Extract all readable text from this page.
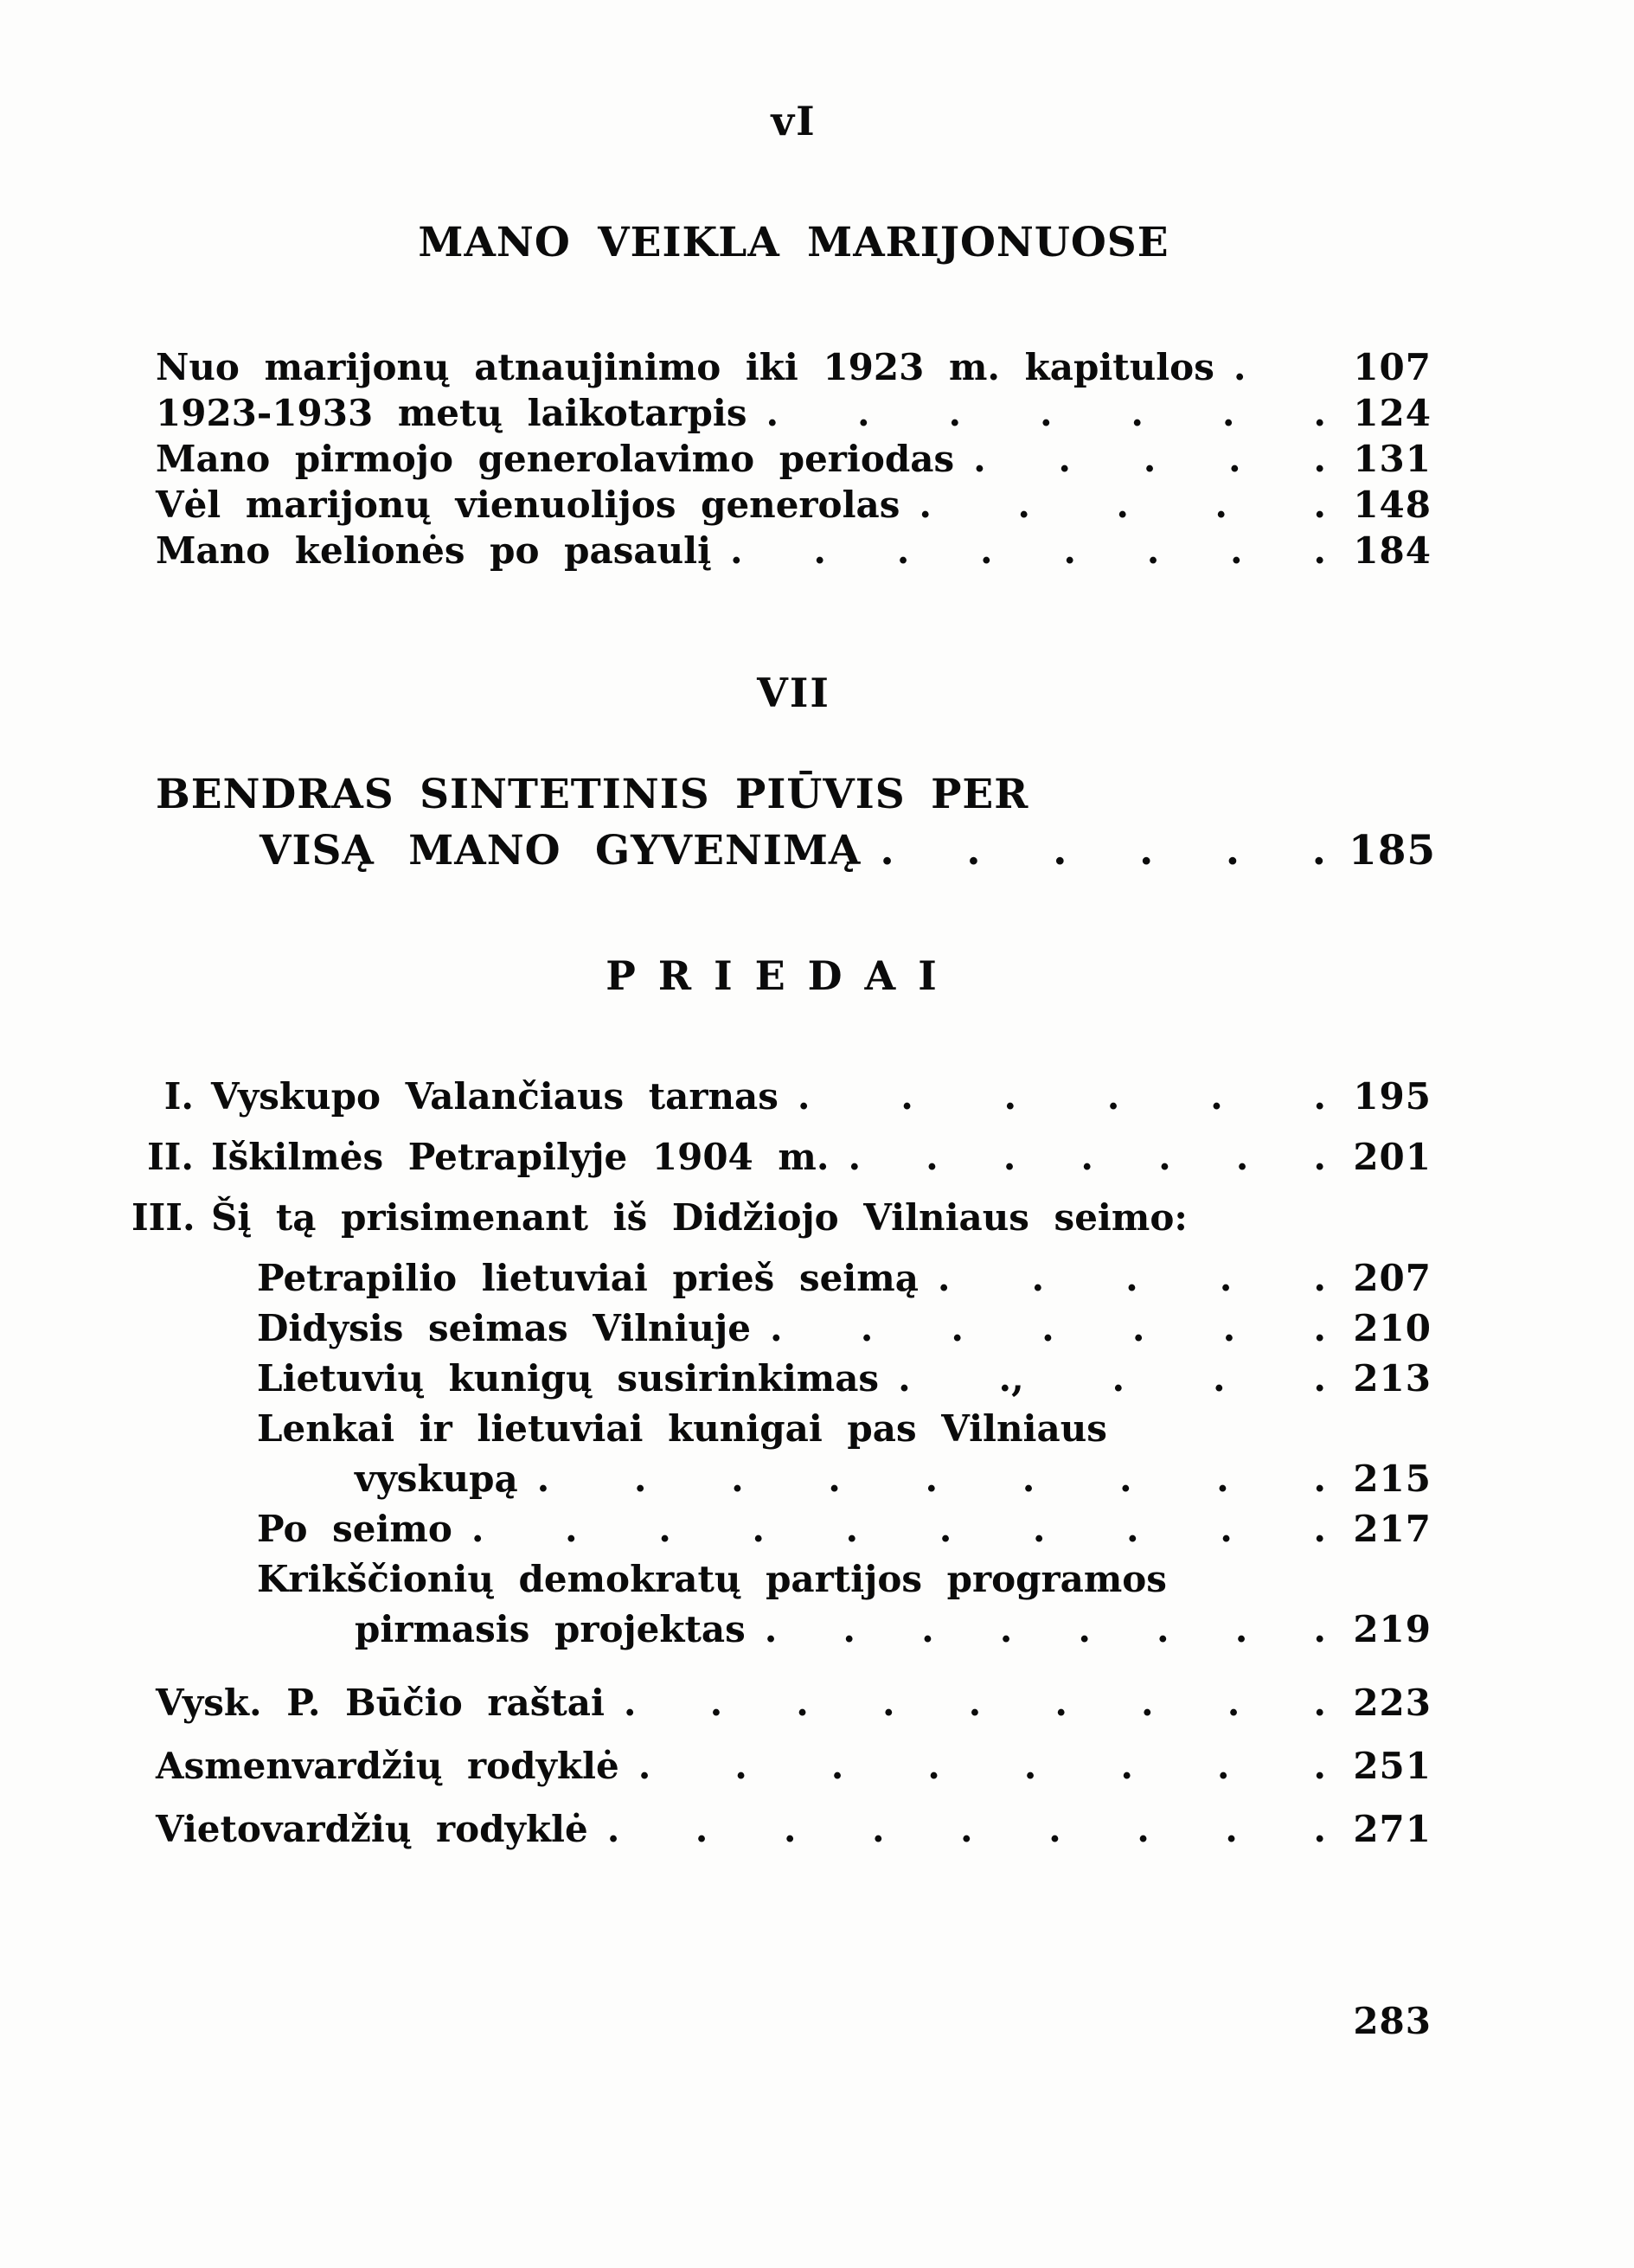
vI
MANO VEIKLA MARIJONUOSE
Nuo marijonų atnaujinimo iki 1923 m. kapitulos .	107
1923-1933 metų laikotarpis . . . . . . . 124
Mano pirmojo generolavimo periodas . . . . . 131
Vėl marijonų vienuolijos generolas . . . . . 148
Mano kelionės po pasaulį . . . . . . . . 184
VII
BENDRAS SINTETINIS PIŪVIS PER
VISĄ MANO GYVENIMĄ . . . . . . 185
PRIEDAI
I. Vyskupo Valančiaus tarnas . . . . . . 195
II. Iškilmės Petrapilyje 1904 m. . . . . . . . 201
III. Šį tą prisimenant iš Didžiojo Vilniaus seimo:
Petrapilio lietuviai prieš seimą . . . . . 207
Didysis seimas Vilniuje . . . . . . . 210
Lietuvių kunigų susirinkimas . ., . . . 213
Lenkai ir lietuviai kunigai pas Vilniaus
vyskupą . . . . . . . . . 215
Po seimo . . . . . . . . . . 217
Krikščionių demokratų partijos programos
pirmasis projektas . . . . . . . . 219
Vysk. P. Būčio raštai . . . . . . . . . 223
Asmenvardžių rodyklė . . . . . . . . 251
Vietovardžių rodyklė . . . . . . . . . 271
283
